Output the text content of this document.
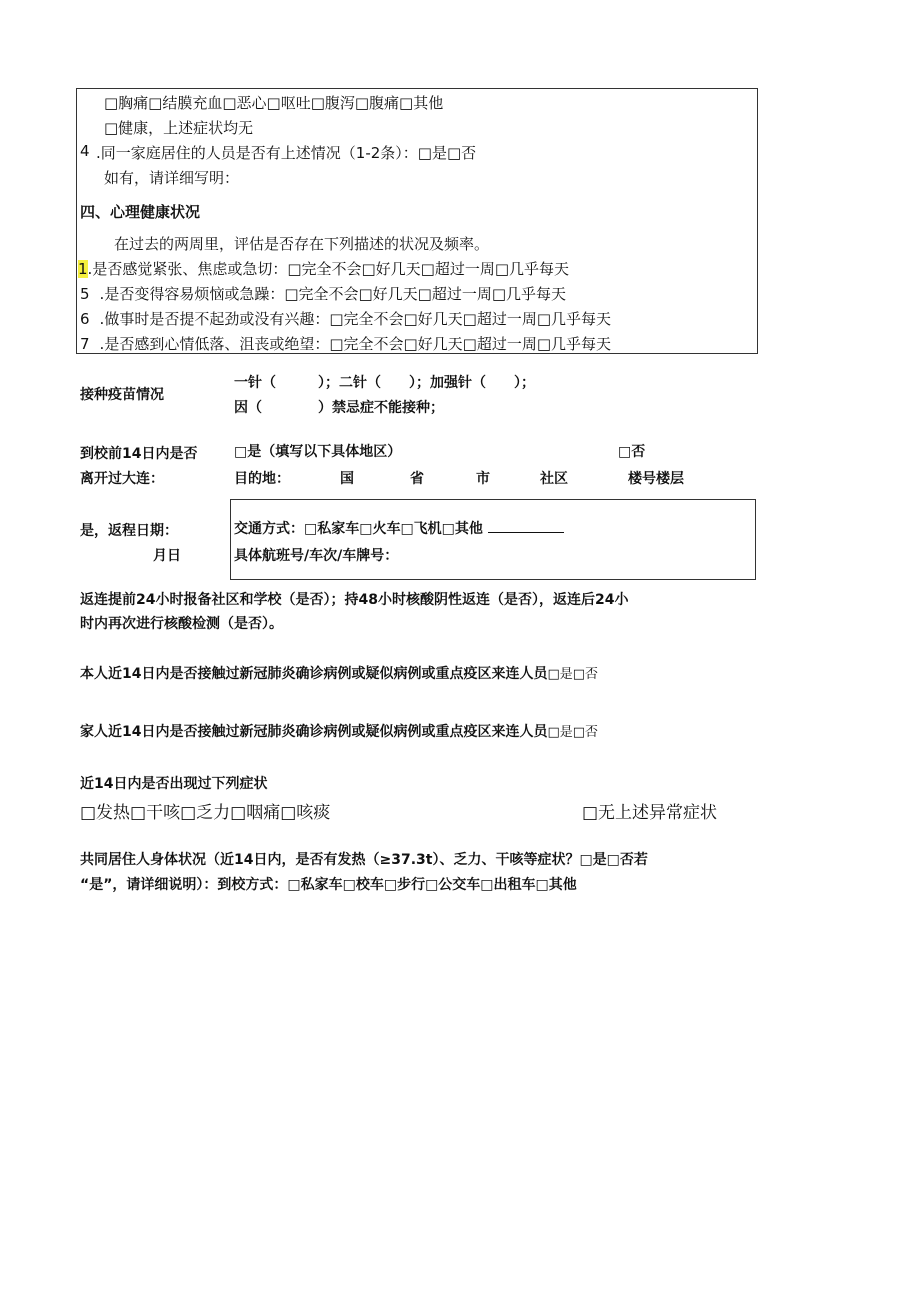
□胸痛□结膜充血□恶心□呕吐□腹泻□腹痛□其他
□健康，上述症状均无
4 .同一家庭居住的人员是否有上述情况（1-2条）：□是□否
如有，请详细写明：
四、心理健康状况
在过去的两周里，评估是否存在下列描述的状况及频率。
1.是否感觉紧张、焦虑或急切：□完全不会□好几天□超过一周□几乎每天
5 .是否变得容易烦恼或急躁：□完全不会□好几天□超过一周□几乎每天
6 .做事时是否提不起劲或没有兴趣：□完全不会□好几天□超过一周□几乎每天
7 .是否感到心情低落、沮丧或绝望：□完全不会□好几天□超过一周□几乎每天
接种疫苗情况
一针（　　　）；二针（　　）；加强针（　　）；
因（　　　　）禁忌症不能接种；
到校前14日内是否
离开过大连：
□是（填写以下具体地区）	□否
目的地：	国	省	市	社区	楼号楼层
是，返程日期：
月日
交通方式：□私家车□火车□飞机□其他
具体航班号/车次/车牌号：
返连提前24小时报备社区和学校（是否）；持48小时核酸阴性返连（是否），返连后24小
时内再次进行核酸检测（是否）。
本人近14日内是否接触过新冠肺炎确诊病例或疑似病例或重点疫区来连人员□是□否
家人近14日内是否接触过新冠肺炎确诊病例或疑似病例或重点疫区来连人员□是□否
近14日内是否出现过下列症状
□发热□干咳□乏力□咽痛□咳痰	□无上述异常症状
共同居住人身体状况（近14日内，是否有发热（≥37.3t）、乏力、干咳等症状？□是□否若
“是”，请详细说明）：到校方式：□私家车□校车□步行□公交车□出租车□其他
